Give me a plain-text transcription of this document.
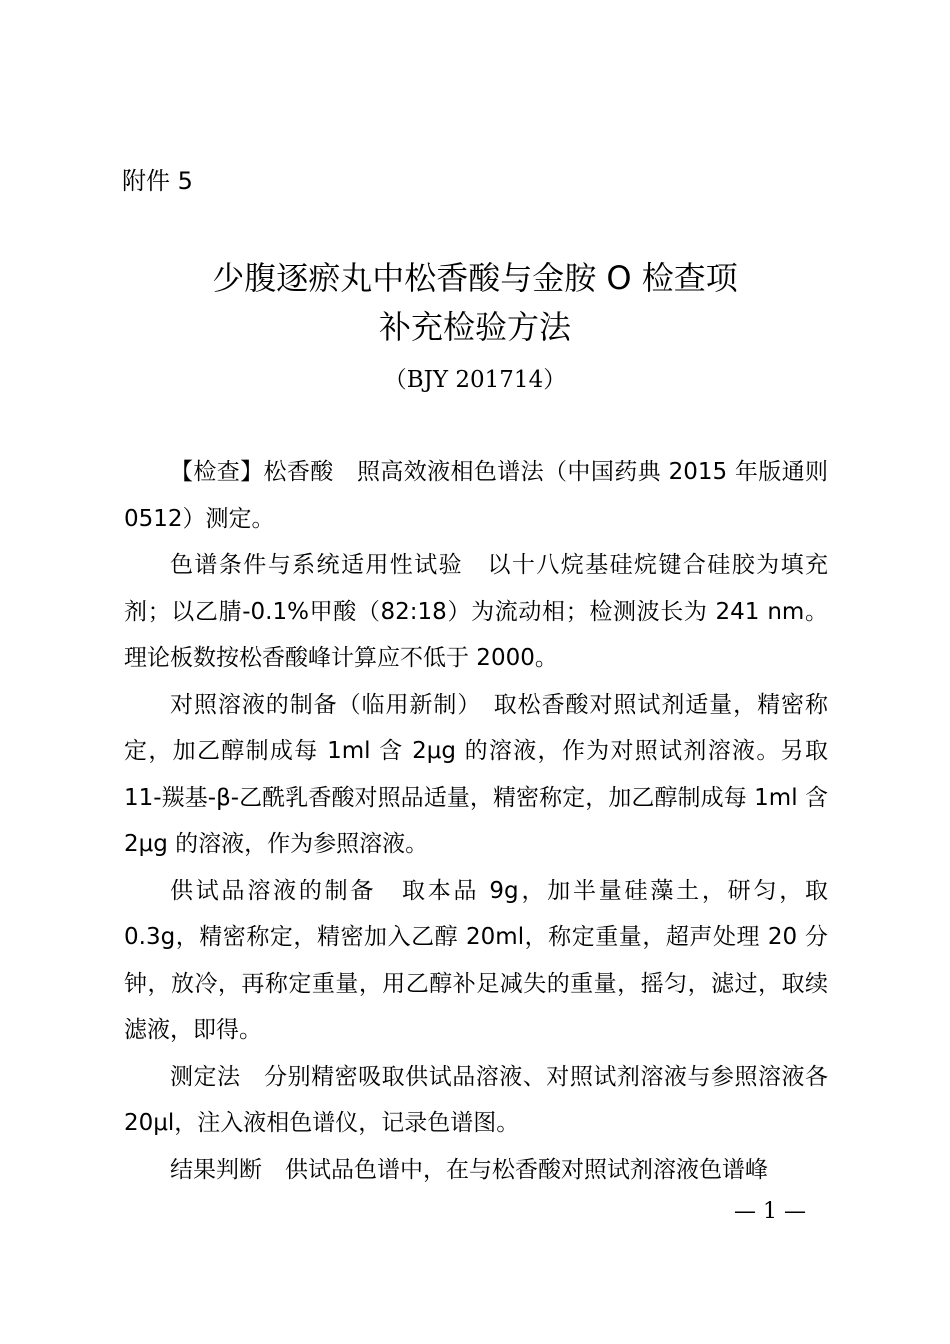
附件 5
少腹逐瘀丸中松香酸与金胺 O 检查项
补充检验方法
（BJY 201714）

【检查】松香酸　照高效液相色谱法（中国药典 2015 年版通则 0512）测定。

色谱条件与系统适用性试验　以十八烷基硅烷键合硅胶为填充剂；以乙腈-0.1%甲酸（82:18）为流动相；检测波长为 241 nm。理论板数按松香酸峰计算应不低于 2000。

对照溶液的制备（临用新制）　取松香酸对照试剂适量，精密称定，加乙醇制成每 1ml 含 2μg 的溶液，作为对照试剂溶液。另取 11-羰基-β-乙酰乳香酸对照品适量，精密称定，加乙醇制成每 1ml 含 2μg 的溶液，作为参照溶液。

供试品溶液的制备　取本品 9g，加半量硅藻土，研匀，取 0.3g，精密称定，精密加入乙醇 20ml，称定重量，超声处理 20 分钟，放冷，再称定重量，用乙醇补足减失的重量，摇匀，滤过，取续滤液，即得。

测定法　分别精密吸取供试品溶液、对照试剂溶液与参照溶液各 20μl，注入液相色谱仪，记录色谱图。

结果判断　供试品色谱中，在与松香酸对照试剂溶液色谱峰

— 1 —
